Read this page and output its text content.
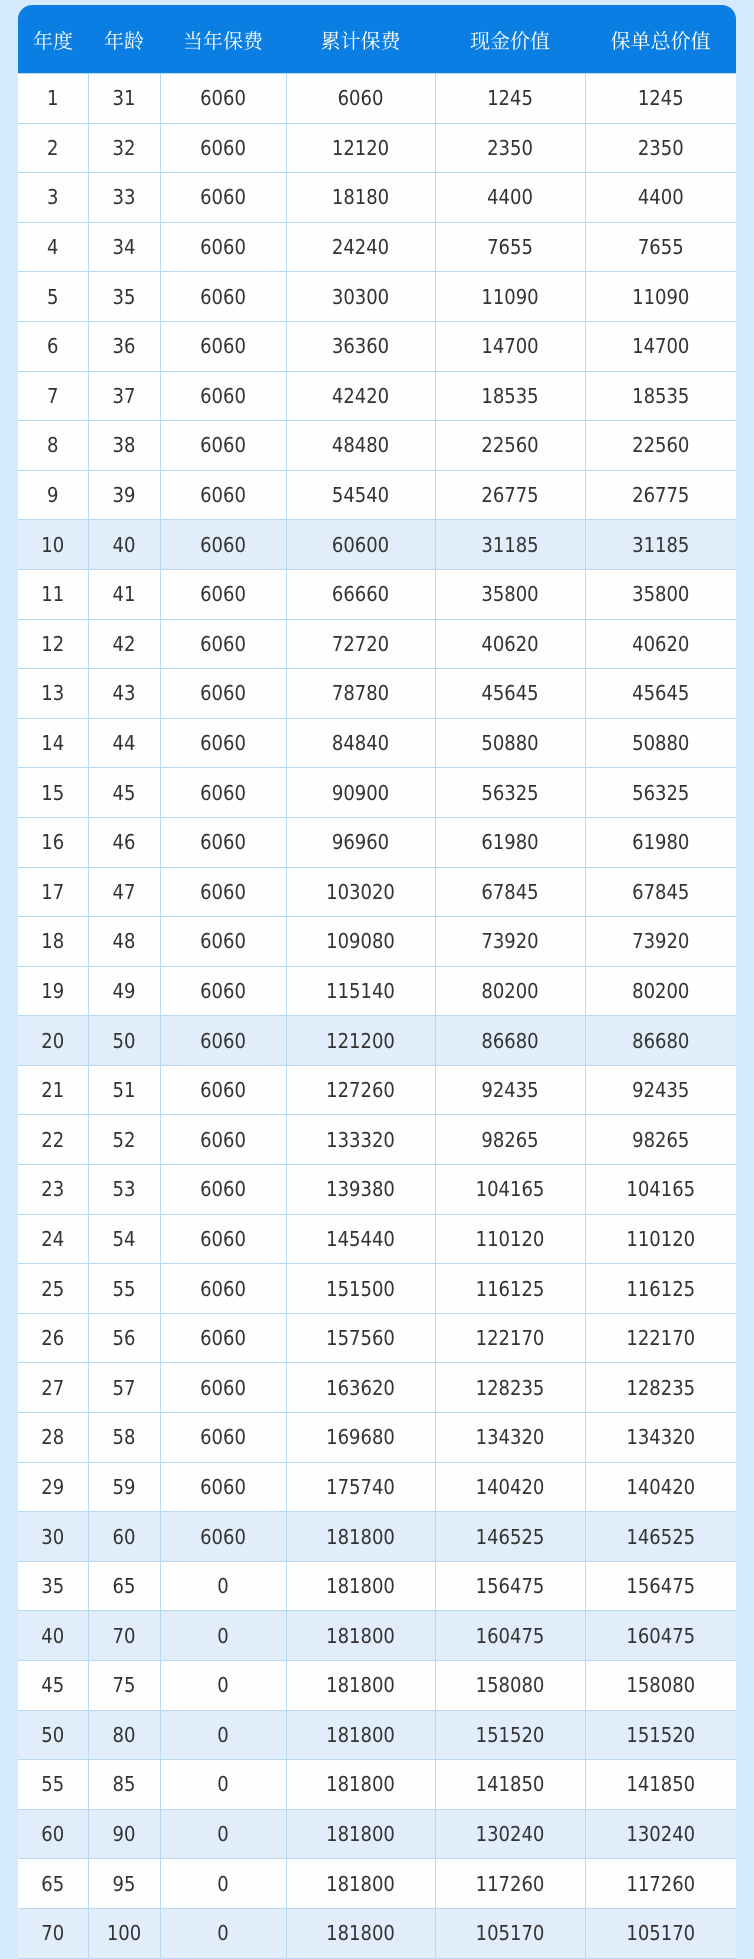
年度	年龄	当年保费	累计保费	现金价值	保单总价值
1	31	6060	6060	1245	1245
2	32	6060	12120	2350	2350
3	33	6060	18180	4400	4400
4	34	6060	24240	7655	7655
5	35	6060	30300	11090	11090
6	36	6060	36360	14700	14700
7	37	6060	42420	18535	18535
8	38	6060	48480	22560	22560
9	39	6060	54540	26775	26775
10	40	6060	60600	31185	31185
11	41	6060	66660	35800	35800
12	42	6060	72720	40620	40620
13	43	6060	78780	45645	45645
14	44	6060	84840	50880	50880
15	45	6060	90900	56325	56325
16	46	6060	96960	61980	61980
17	47	6060	103020	67845	67845
18	48	6060	109080	73920	73920
19	49	6060	115140	80200	80200
20	50	6060	121200	86680	86680
21	51	6060	127260	92435	92435
22	52	6060	133320	98265	98265
23	53	6060	139380	104165	104165
24	54	6060	145440	110120	110120
25	55	6060	151500	116125	116125
26	56	6060	157560	122170	122170
27	57	6060	163620	128235	128235
28	58	6060	169680	134320	134320
29	59	6060	175740	140420	140420
30	60	6060	181800	146525	146525
35	65	0	181800	156475	156475
40	70	0	181800	160475	160475
45	75	0	181800	158080	158080
50	80	0	181800	151520	151520
55	85	0	181800	141850	141850
60	90	0	181800	130240	130240
65	95	0	181800	117260	117260
70	100	0	181800	105170	105170
